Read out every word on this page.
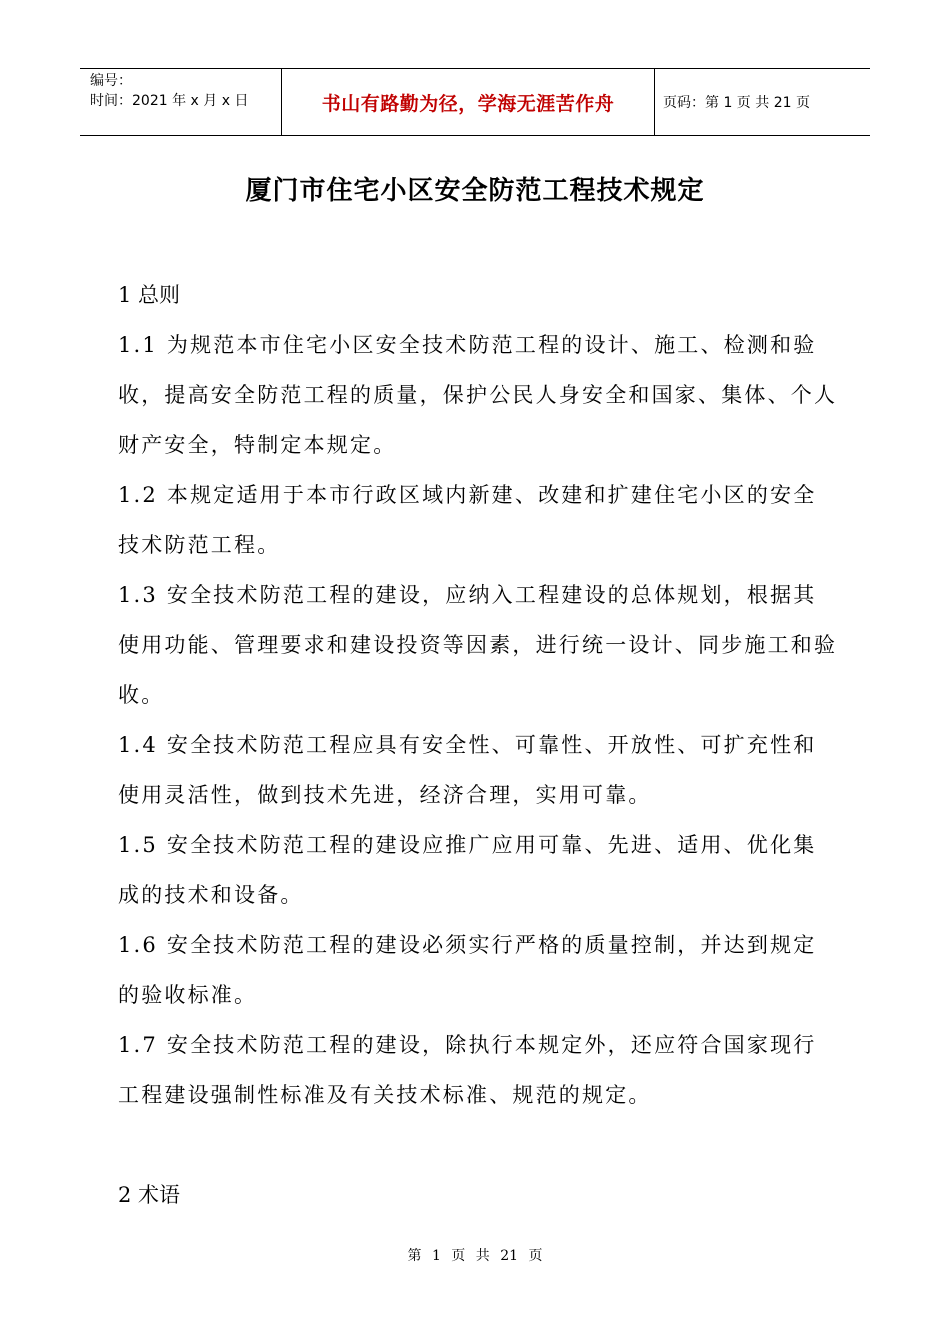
编号：
时间：2021 年 x 月 x 日	书山有路勤为径，学海无涯苦作舟	页码：第 1 页 共 21 页
厦门市住宅小区安全防范工程技术规定

1 总则

1.1 为规范本市住宅小区安全技术防范工程的设计、施工、检测和验收，提高安全防范工程的质量，保护公民人身安全和国家、集体、个人财产安全，特制定本规定。

1.2 本规定适用于本市行政区域内新建、改建和扩建住宅小区的安全技术防范工程。

1.3 安全技术防范工程的建设，应纳入工程建设的总体规划，根据其使用功能、管理要求和建设投资等因素，进行统一设计、同步施工和验收。

1.4 安全技术防范工程应具有安全性、可靠性、开放性、可扩充性和使用灵活性，做到技术先进，经济合理，实用可靠。

1.5 安全技术防范工程的建设应推广应用可靠、先进、适用、优化集成的技术和设备。

1.6 安全技术防范工程的建设必须实行严格的质量控制，并达到规定的验收标准。

1.7 安全技术防范工程的建设，除执行本规定外，还应符合国家现行工程建设强制性标准及有关技术标准、规范的规定。

2 术语

第 1 页 共 21 页
